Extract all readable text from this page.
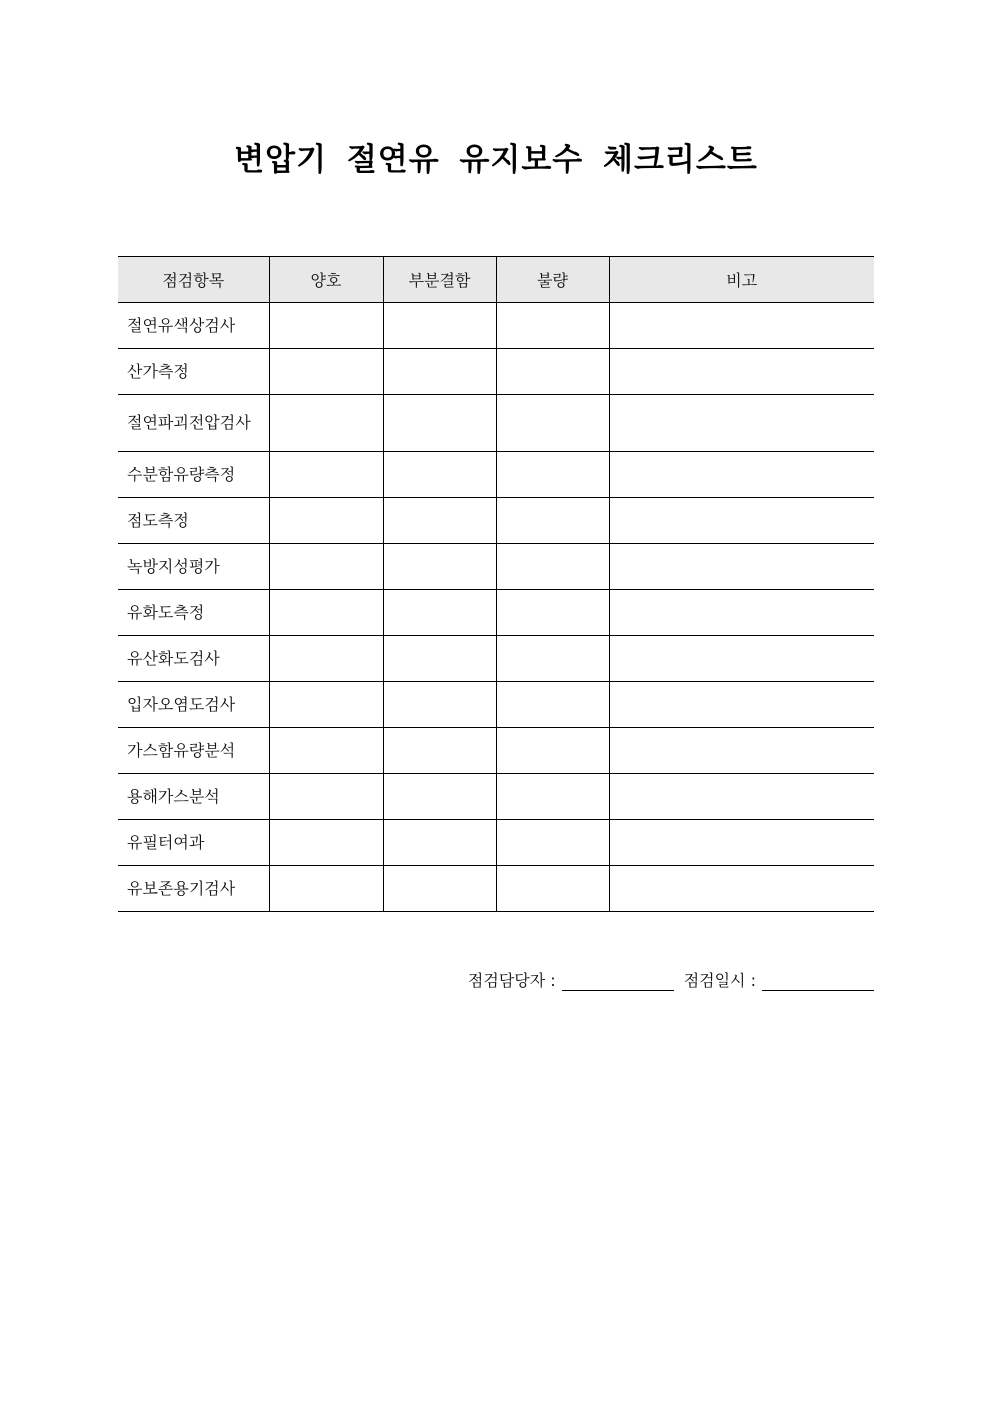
변압기 절연유 유지보수 체크리스트
점검항목	양호	부분결함	불량	비고
절연유색상검사				
산가측정				
절연파괴전압검사				
수분함유량측정				
점도측정				
녹방지성평가				
유화도측정				
유산화도검사				
입자오염도검사				
가스함유량분석				
용해가스분석				
유필터여과				
유보존용기검사				
점검담당자 :	점검일시 :
